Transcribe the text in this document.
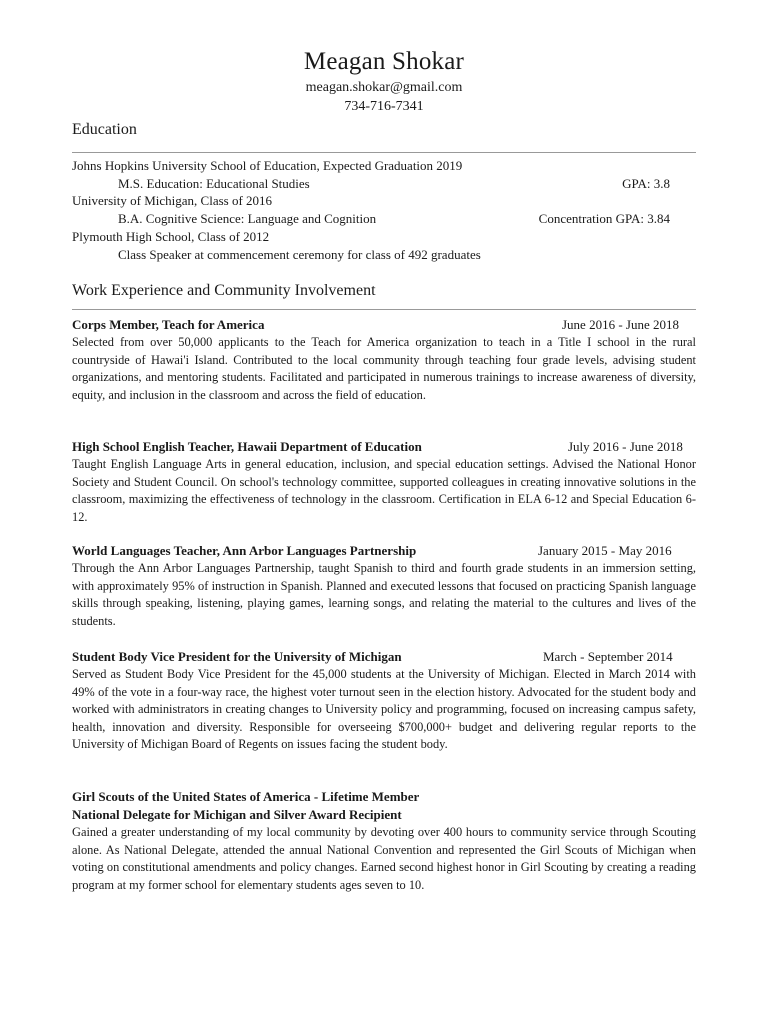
Meagan Shokar
meagan.shokar@gmail.com
734-716-7341
Education
Johns Hopkins University School of Education, Expected Graduation 2019
M.S. Education: Educational Studies	GPA: 3.8
University of Michigan, Class of 2016
B.A. Cognitive Science: Language and Cognition	Concentration GPA: 3.84
Plymouth High School, Class of 2012
Class Speaker at commencement ceremony for class of 492 graduates
Work Experience and Community Involvement
Corps Member, Teach for America	June 2016 - June 2018

Selected from over 50,000 applicants to the Teach for America organization to teach in a Title I school in the rural countryside of Hawai'i Island. Contributed to the local community through teaching four grade levels, advising student organizations, and mentoring students. Facilitated and participated in numerous trainings to increase awareness of diversity, equity, and inclusion in the classroom and across the field of education.

High School English Teacher, Hawaii Department of Education	July 2016 - June 2018

Taught English Language Arts in general education, inclusion, and special education settings. Advised the National Honor Society and Student Council. On school's technology committee, supported colleagues in creating innovative solutions in the classroom, maximizing the effectiveness of technology in the classroom. Certification in ELA 6-12 and Special Education 6-12.

World Languages Teacher, Ann Arbor Languages Partnership	January 2015 - May 2016

Through the Ann Arbor Languages Partnership, taught Spanish to third and fourth grade students in an immersion setting, with approximately 95% of instruction in Spanish. Planned and executed lessons that focused on practicing Spanish language skills through speaking, listening, playing games, learning songs, and relating the material to the cultures and lives of the students.

Student Body Vice President for the University of Michigan	March - September 2014

Served as Student Body Vice President for the 45,000 students at the University of Michigan. Elected in March 2014 with 49% of the vote in a four-way race, the highest voter turnout seen in the election history. Advocated for the student body and worked with administrators in creating changes to University policy and programming, focused on increasing campus safety, health, innovation and diversity. Responsible for overseeing $700,000+ budget and delivering regular reports to the University of Michigan Board of Regents on issues facing the student body.

Girl Scouts of the United States of America - Lifetime Member
National Delegate for Michigan and Silver Award Recipient

Gained a greater understanding of my local community by devoting over 400 hours to community service through Scouting alone. As National Delegate, attended the annual National Convention and represented the Girl Scouts of Michigan when voting on constitutional amendments and policy changes. Earned second highest honor in Girl Scouting by creating a reading program at my former school for elementary students ages seven to 10.
